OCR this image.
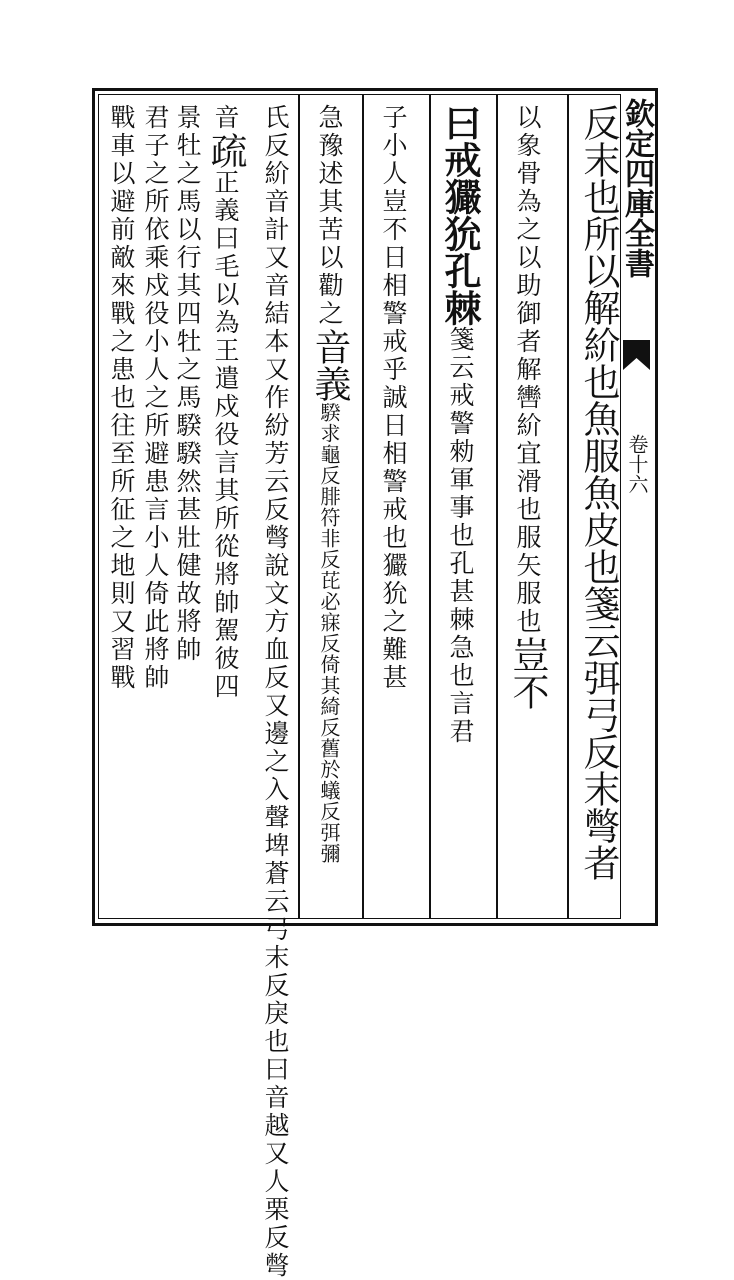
欽定四庫全書
卷十六
反末也所以解紒也魚服魚皮也箋云弭弓反末彆者
以象骨為之以助御者解轡紒宜滑也服矢服也豈不
曰戒玁狁孔棘箋云戒警勑軍事也孔甚棘急也言君
子小人豈不日相警戒乎誠日相警戒也玁狁之難甚
急豫述其苦以勸之音義騤求龜反腓符非反芘必寐反倚其綺反舊於蟻反弭彌
氏反紒音計又音結本又作紛芳云反彆說文方血反又邊之入聲埤蒼云弓末反戾也曰音越又人栗反彆
音疏正義曰毛以為王遣戍役言其所從將帥駕彼四
景牡之馬以行其四牡之馬騤騤然甚壯健故將帥
君子之所依乘戍役小人之所避患言小人倚此將帥
戰車以避前敵來戰之患也往至所征之地則又習戰
